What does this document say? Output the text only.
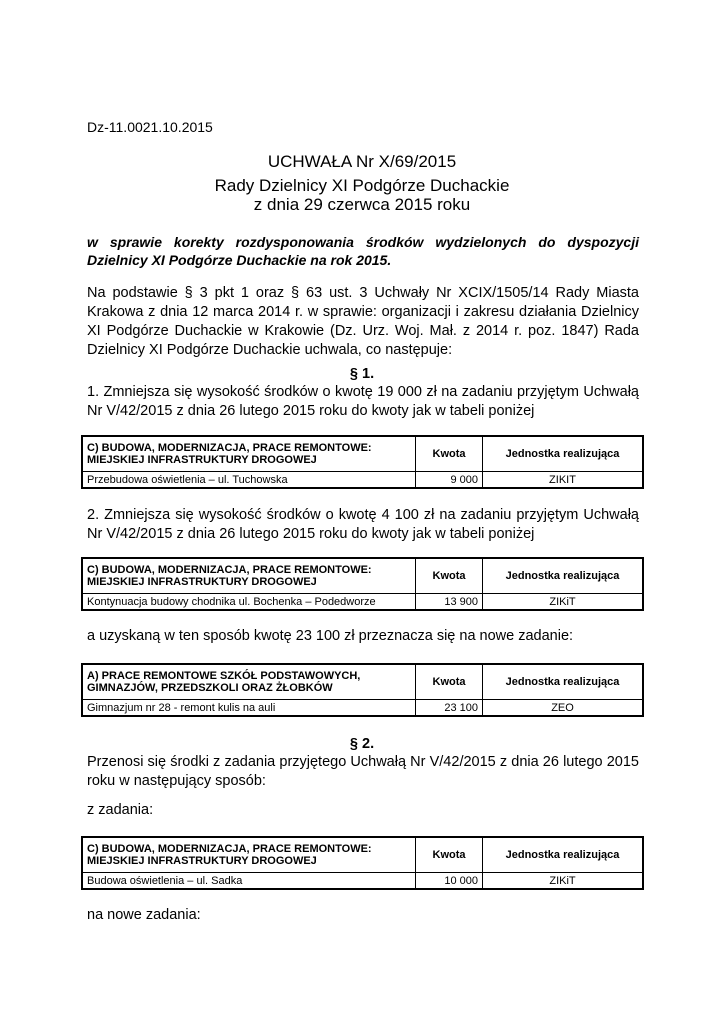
Dz-11.0021.10.2015
UCHWAŁA Nr X/69/2015
Rady Dzielnicy XI Podgórze Duchackie
z dnia 29 czerwca 2015 roku
w sprawie korekty rozdysponowania środków wydzielonych do dyspozycji Dzielnicy XI Podgórze Duchackie na rok 2015.
Na podstawie § 3 pkt 1 oraz § 63 ust. 3 Uchwały Nr XCIX/1505/14 Rady Miasta Krakowa z dnia 12 marca 2014 r. w sprawie: organizacji i zakresu działania Dzielnicy XI Podgórze Duchackie w Krakowie (Dz. Urz. Woj. Mał. z 2014 r. poz. 1847) Rada Dzielnicy XI Podgórze Duchackie uchwala, co następuje:
§ 1.
1. Zmniejsza się wysokość środków o kwotę 19 000 zł na zadaniu przyjętym Uchwałą Nr V/42/2015 z dnia 26 lutego 2015 roku do kwoty jak w tabeli poniżej
C) BUDOWA, MODERNIZACJA, PRACE REMONTOWE: MIEJSKIEJ INFRASTRUKTURY DROGOWEJ	Kwota	Jednostka realizująca
Przebudowa oświetlenia – ul. Tuchowska	9 000	ZIKIT
2. Zmniejsza się wysokość środków o kwotę 4 100 zł na zadaniu przyjętym Uchwałą Nr V/42/2015 z dnia 26 lutego 2015 roku do kwoty jak w tabeli poniżej
C) BUDOWA, MODERNIZACJA, PRACE REMONTOWE: MIEJSKIEJ INFRASTRUKTURY DROGOWEJ	Kwota	Jednostka realizująca
Kontynuacja budowy chodnika ul. Bochenka – Podedworze	13 900	ZIKiT
a uzyskaną w ten sposób kwotę 23 100 zł przeznacza się na nowe zadanie:
A) PRACE REMONTOWE SZKÓŁ PODSTAWOWYCH, GIMNAZJÓW, PRZEDSZKOLI ORAZ ŻŁOBKÓW	Kwota	Jednostka realizująca
Gimnazjum nr 28 - remont kulis na auli	23 100	ZEO
§ 2.
Przenosi się środki z zadania przyjętego Uchwałą Nr V/42/2015 z dnia 26 lutego 2015 roku w następujący sposób:
z zadania:
C) BUDOWA, MODERNIZACJA, PRACE REMONTOWE: MIEJSKIEJ INFRASTRUKTURY DROGOWEJ	Kwota	Jednostka realizująca
Budowa oświetlenia – ul. Sadka	10 000	ZIKiT
na nowe zadania:
